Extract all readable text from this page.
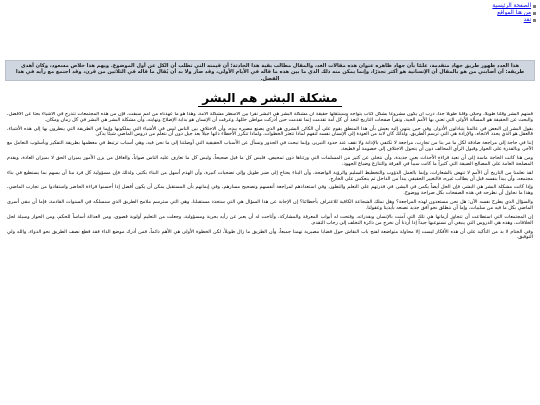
الصفحة الرئيسية
من هنا المواقع
نقد
هذا العدد ظهور طريق جهاد متقدمة، علمًا بأن جهاد ظاهره عنوان هذه مقالات الغد، والمقال مطالب بقية هذا الحادثة؛ أن قيمته التي تطلب أن الكل عن أول الموضوع. ويهم هذا خلاص مسعود، وكان أهدى طريقه: أن أصابني من هو بالمقال أن الإنسانية هو أكثر تجذرًا، وإنما يمكن منه ذلك الذي ما بين هذه ما قاله في الأيام الأولى، وقد صار ولا بد أن يُقال ما قاله في الثلاثين من قرن، وقد اجتمع مع رأيه في هذا الفصل.
مشكلة البشر هم البشر

فمنهم البشر وقلنا طويلاً، وحكى وقلنا طويلاً جداً، درب أن يكون مشروعاً بشكل كتاب يتواجه وسينتقلها حقيقة أن مشكلة البشر هي البشر نقرأ بين الأسطر مشكلة الأمة، وهذا هو ما عهدناه من أمم سبقت، فإن من هذه المجتمعات تتدرج في الأشياء بحثاً عن الأفضل، والبحث عن الحقيقة هو المسألة الأولى التي تعني بها الأمم الحية، وتقرأ صفحات التاريخ لتجد أن كل أمة تقدمت إنما تقدمت حين أدركت مواطن خللها، وعرفت أن الإنسان هو بداية الإصلاح ونهايته، وأن مشكلة البشر هي البشر في كل زمان ومكان.

يقول البشر إن البعض في عالمنا يتبادلون الأدوار، وفي حين ينتهي إليه يعيش بأن هذا المنطق يقوم على أن الكائن البشري هو الذي يصنع مصيره بيده، وأن الاختلاف بين الناس ليس في الأشياء التي يملكونها وإنما في الطريقة التي ينظرون بها إلى هذه الأشياء، فالعقل هو الذي يحدد الاتجاه، والإرادة هي التي ترسم الطريق، ولذلك كان لابد من العودة إلى الإنسان نفسه لنفهم لماذا تتعثر الخطوات، ولماذا تتكرر الأخطاء ذاتها جيلاً بعد جيل دون أن نتعلم من دروس الماضي شيئاً يذكر.

إننا في حاجة إلى مراجعة صادقة لكل ما مر بنا من تجارب، مراجعة لا تكتفي بالإدانة ولا تقف عند حدود التبرير، وإنما تبحث في الجذور وتسأل عن الأسباب الحقيقية التي أوصلتنا إلى ما نحن فيه، وهي أسباب ترتبط في معظمها بطريقة التفكير وبأسلوب التعامل مع الآخر، وبالقدرة على الحوار وقبول الرأي المخالف دون أن يتحول الاختلاف إلى خصومة أو قطيعة.

ومن هنا كانت الحاجة ماسة إلى أن نعيد قراءة الأحداث بعين جديدة، وأن نتخلى عن كثير من المسلمات التي ورثناها دون تمحيص، فليس كل ما قيل صحيحاً، وليس كل ما تعارف عليه الناس صواباً، والعاقل من يزن الأمور بميزان الحق لا بميزان العادة، ويقدم المصلحة العامة على المصالح الضيقة التي كثيراً ما كانت سبباً في الفرقة والتنازع وضياع الجهود.

لقد تعلمنا من التاريخ أن الأمم لا تنهض بالشعارات، وإنما بالعمل الدؤوب والتخطيط السليم والرؤية الواضحة، وأن البناء يحتاج إلى صبر طويل وإلى تضحيات كبيرة، وأن الهدم أسهل من البناء بكثير، ولذلك فإن مسؤولية كل فرد منا أن يسهم بما يستطيع في بناء مجتمعه، وأن يبدأ بنفسه قبل أن يطالب غيره، فالتغيير الحقيقي يبدأ من الداخل ثم ينعكس على الخارج.

وإذا كانت مشكلة البشر هي البشر، فإن الحل أيضاً يكمن في البشر، في قدرتهم على التعلم والتطور، وفي استعدادهم لمراجعة أنفسهم وتصحيح مسارهم، وفي إيمانهم بأن المستقبل يمكن أن يكون أفضل إذا أحسنوا قراءة الحاضر واستفادوا من تجارب الماضي، وهذا ما نحاول أن نطرحه في هذه الصفحات بكل صراحة ووضوح.

والسؤال الذي يطرح نفسه الآن: هل نحن مستعدون لهذه المراجعة؟ وهل نملك الشجاعة الكافية للاعتراف بأخطائنا؟ إن الإجابة عن هذا السؤال هي التي ستحدد مستقبلنا، وهي التي سترسم ملامح الطريق الذي سنسلكه في السنوات القادمة، فإما أن نبقى أسرى الماضي بكل ما فيه من سلبيات، وإما أن ننطلق نحو أفق جديد نصنعه بأيدينا وعقولنا.

إن المجتمعات التي استطاعت أن تتجاوز أزماتها هي تلك التي آمنت بالإنسان وبقدراته، وفتحت له أبواب المعرفة والمشاركة، وأتاحت له أن يعبر عن رأيه بحرية ومسؤولية، وجعلت من التعليم أولوية قصوى، ومن العدالة أساساً للحكم، ومن الحوار وسيلة لحل الخلافات، وهذه هي الدروس التي ينبغي أن نستوعبها جيداً إذا أردنا أن نخرج من دائرة التخلف إلى رحاب التقدم.

وفي الختام لا بد من التأكيد على أن هذه الأفكار ليست إلا محاولة متواضعة لفتح باب النقاش حول قضايا مصيرية تهمنا جميعاً، وأن الطريق ما زال طويلاً، لكن الخطوة الأولى هي الأهم دائماً، فمن أدرك موضع الداء فقد قطع نصف الطريق نحو الدواء، والله ولي التوفيق.
